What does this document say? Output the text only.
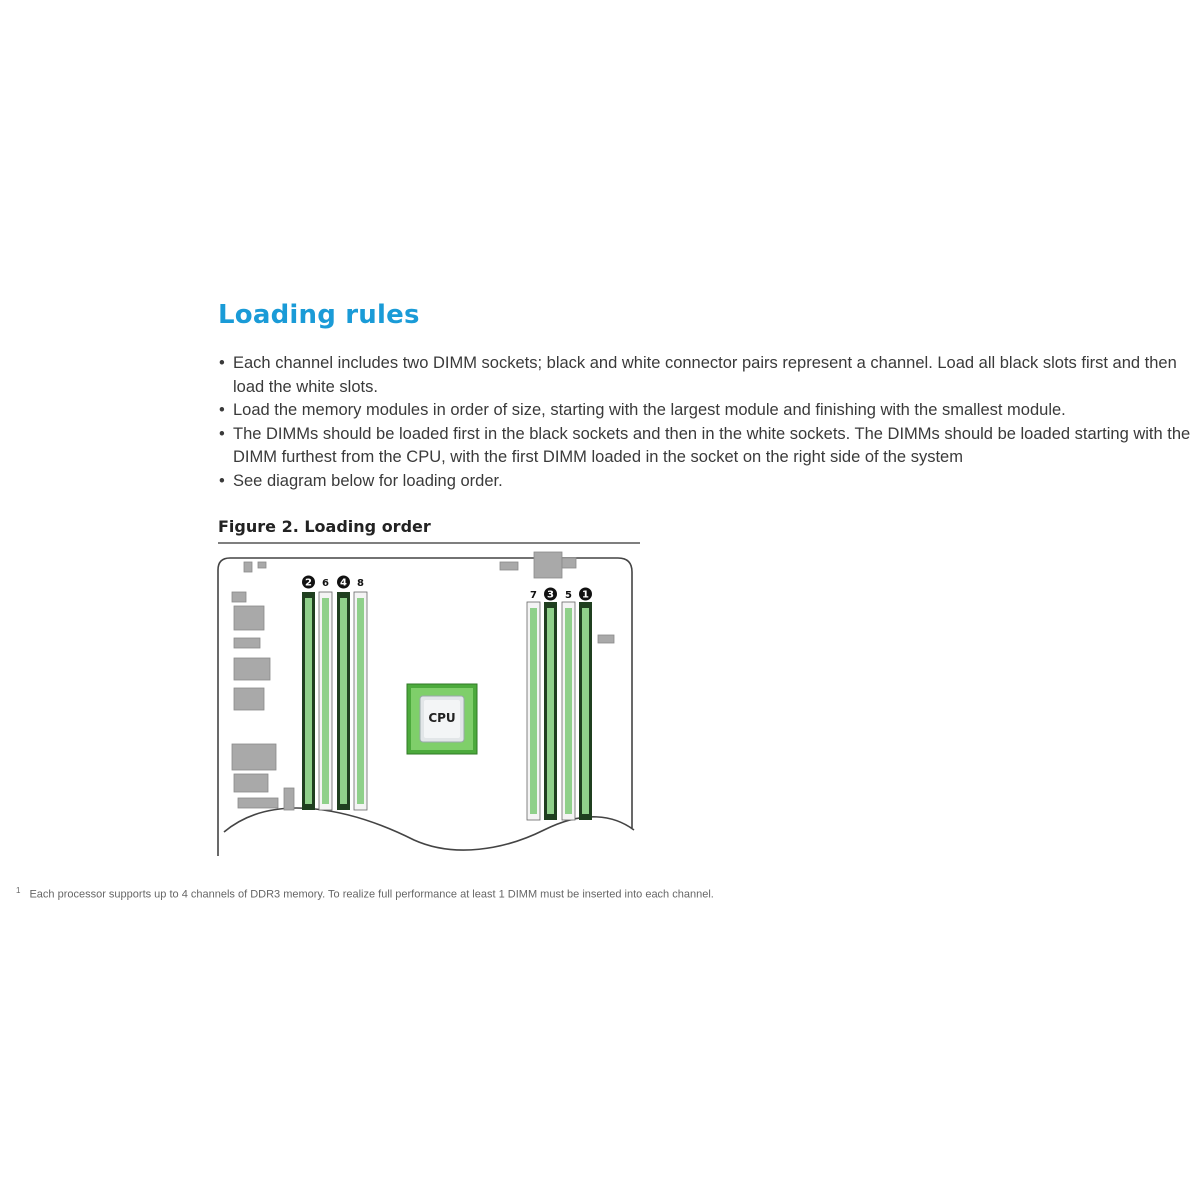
Loading rules
• Each channel includes two DIMM sockets; black and white connector pairs represent a channel. Load all black slots first and then load the white slots.
• Load the memory modules in order of size, starting with the largest module and finishing with the smallest module.
• The DIMMs should be loaded first in the black sockets and then in the white sockets. The DIMMs should be loaded starting with the DIMM furthest from the CPU, with the first DIMM loaded in the socket on the right side of the system
• See diagram below for loading order.
Figure 2. Loading order
2 6 4 8
7 3 5 1
CPU
$^1$ Each processor supports up to 4 channels of DDR3 memory. To realize full performance at least 1 DIMM must be inserted into each channel.
